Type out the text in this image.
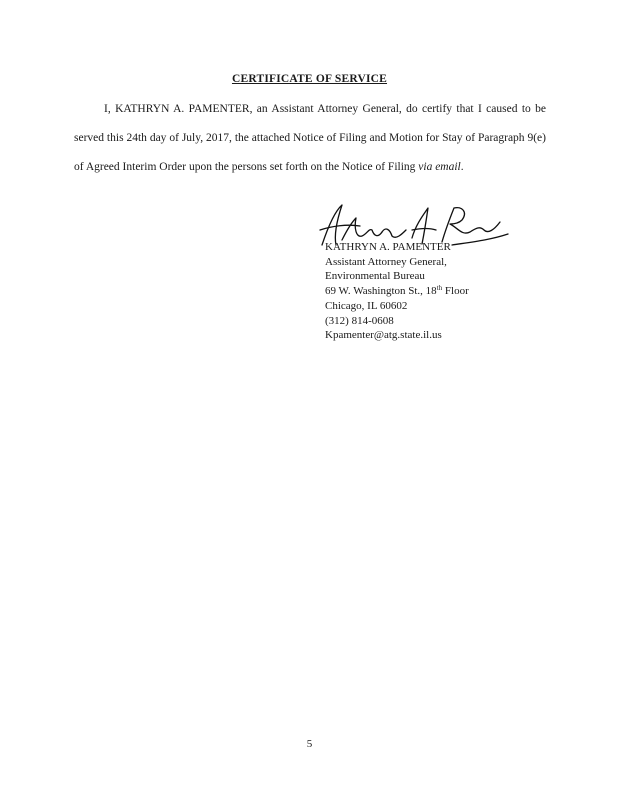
CERTIFICATE OF SERVICE
I, KATHRYN A. PAMENTER, an Assistant Attorney General, do certify that I caused to be served this 24th day of July, 2017, the attached Notice of Filing and Motion for Stay of Paragraph 9(e) of Agreed Interim Order upon the persons set forth on the Notice of Filing via email.
KATHRYN A. PAMENTER
Assistant Attorney General,
Environmental Bureau
69 W. Washington St., 18th Floor
Chicago, IL 60602
(312) 814-0608
Kpamenter@atg.state.il.us
5
